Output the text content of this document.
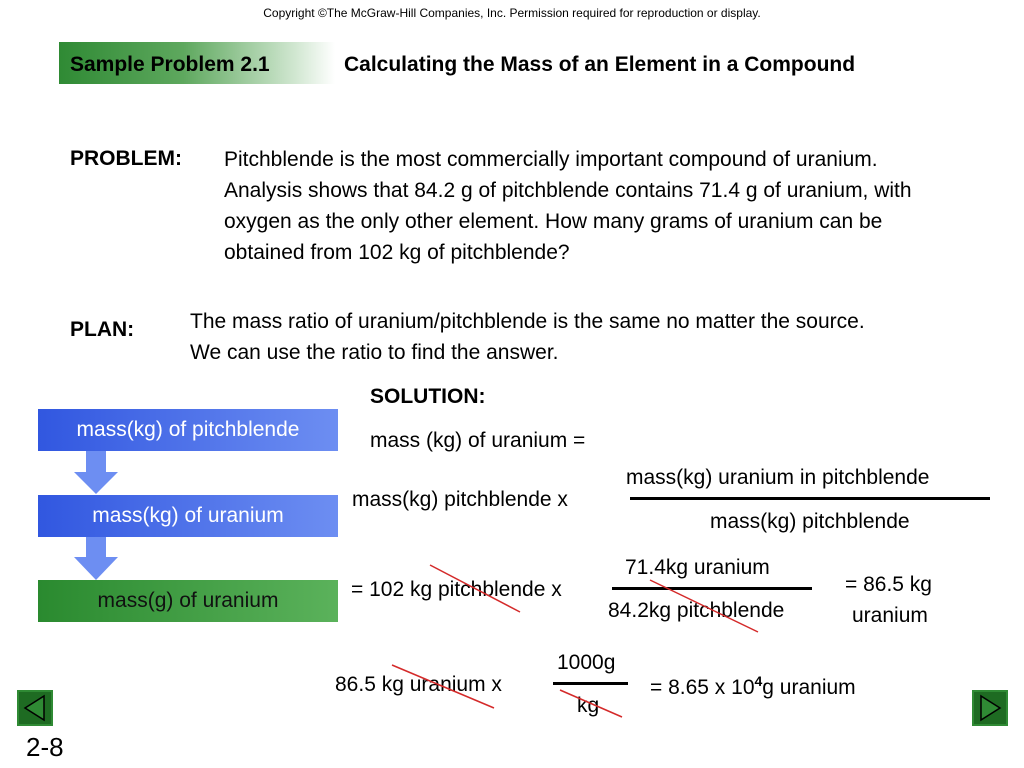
Copyright ©The McGraw-Hill Companies, Inc. Permission required for reproduction or display.
Sample Problem 2.1	Calculating the Mass of an Element in a Compound
PROBLEM: Pitchblende is the most commercially important compound of uranium. Analysis shows that 84.2 g of pitchblende contains 71.4 g of uranium, with oxygen as the only other element. How many grams of uranium can be obtained from 102 kg of pitchblende?
PLAN:	The mass ratio of uranium/pitchblende is the same no matter the source. We can use the ratio to find the answer.
mass(kg) of pitchblende
mass(kg) of uranium
mass(g) of uranium
SOLUTION:
mass (kg) of uranium =
mass(kg) pitchblende x
mass(kg) uranium in pitchblende
mass(kg) pitchblende
= 102 kg pitchblende x
71.4kg uranium
84.2kg pitchblende
= 86.5 kg
uranium
86.5 kg uranium x
1000g
kg
= 8.65 x $10^4g$ uranium
2-8
